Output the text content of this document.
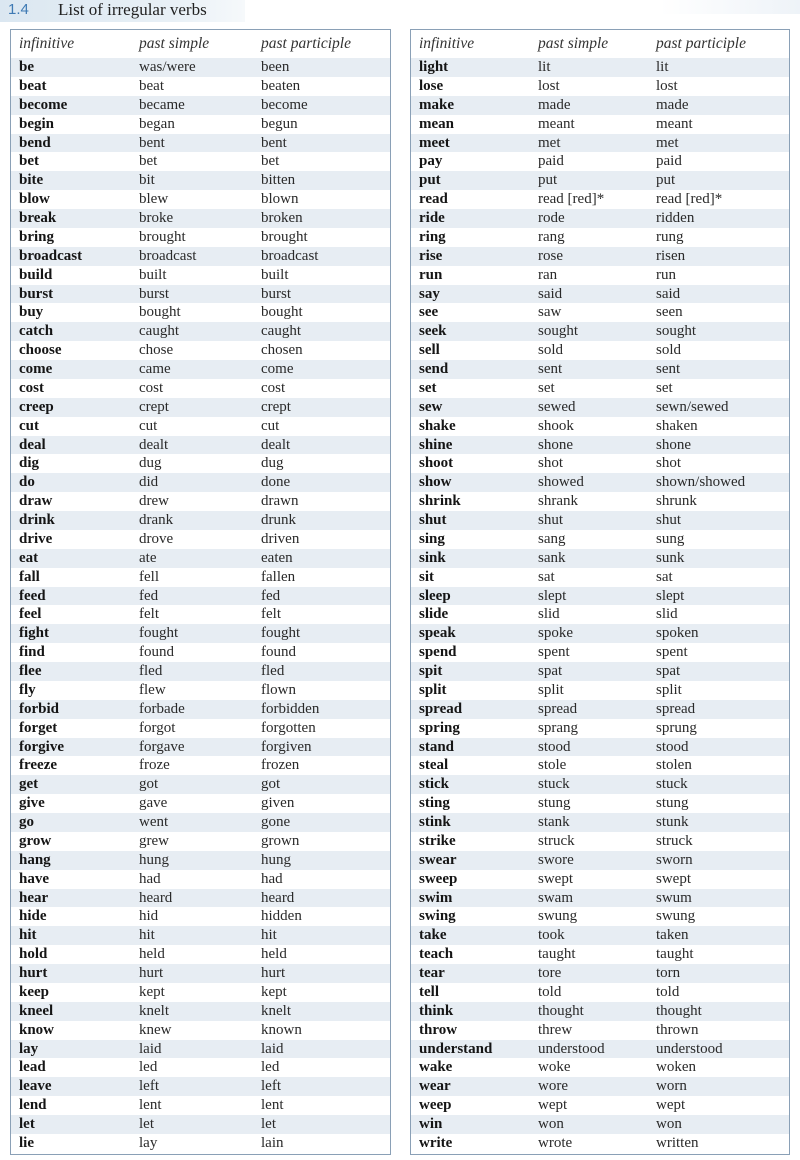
1.4 List of irregular verbs
infinitive	past simple	past participle
be	was/were	been
beat	beat	beaten
become	became	become
begin	began	begun
bend	bent	bent
bet	bet	bet
bite	bit	bitten
blow	blew	blown
break	broke	broken
bring	brought	brought
broadcast	broadcast	broadcast
build	built	built
burst	burst	burst
buy	bought	bought
catch	caught	caught
choose	chose	chosen
come	came	come
cost	cost	cost
creep	crept	crept
cut	cut	cut
deal	dealt	dealt
dig	dug	dug
do	did	done
draw	drew	drawn
drink	drank	drunk
drive	drove	driven
eat	ate	eaten
fall	fell	fallen
feed	fed	fed
feel	felt	felt
fight	fought	fought
find	found	found
flee	fled	fled
fly	flew	flown
forbid	forbade	forbidden
forget	forgot	forgotten
forgive	forgave	forgiven
freeze	froze	frozen
get	got	got
give	gave	given
go	went	gone
grow	grew	grown
hang	hung	hung
have	had	had
hear	heard	heard
hide	hid	hidden
hit	hit	hit
hold	held	held
hurt	hurt	hurt
keep	kept	kept
kneel	knelt	knelt
know	knew	known
lay	laid	laid
lead	led	led
leave	left	left
lend	lent	lent
let	let	let
lie	lay	lain
infinitive	past simple	past participle
light	lit	lit
lose	lost	lost
make	made	made
mean	meant	meant
meet	met	met
pay	paid	paid
put	put	put
read	read [red]*	read [red]*
ride	rode	ridden
ring	rang	rung
rise	rose	risen
run	ran	run
say	said	said
see	saw	seen
seek	sought	sought
sell	sold	sold
send	sent	sent
set	set	set
sew	sewed	sewn/sewed
shake	shook	shaken
shine	shone	shone
shoot	shot	shot
show	showed	shown/showed
shrink	shrank	shrunk
shut	shut	shut
sing	sang	sung
sink	sank	sunk
sit	sat	sat
sleep	slept	slept
slide	slid	slid
speak	spoke	spoken
spend	spent	spent
spit	spat	spat
split	split	split
spread	spread	spread
spring	sprang	sprung
stand	stood	stood
steal	stole	stolen
stick	stuck	stuck
sting	stung	stung
stink	stank	stunk
strike	struck	struck
swear	swore	sworn
sweep	swept	swept
swim	swam	swum
swing	swung	swung
take	took	taken
teach	taught	taught
tear	tore	torn
tell	told	told
think	thought	thought
throw	threw	thrown
understand	understood	understood
wake	woke	woken
wear	wore	worn
weep	wept	wept
win	won	won
write	wrote	written
